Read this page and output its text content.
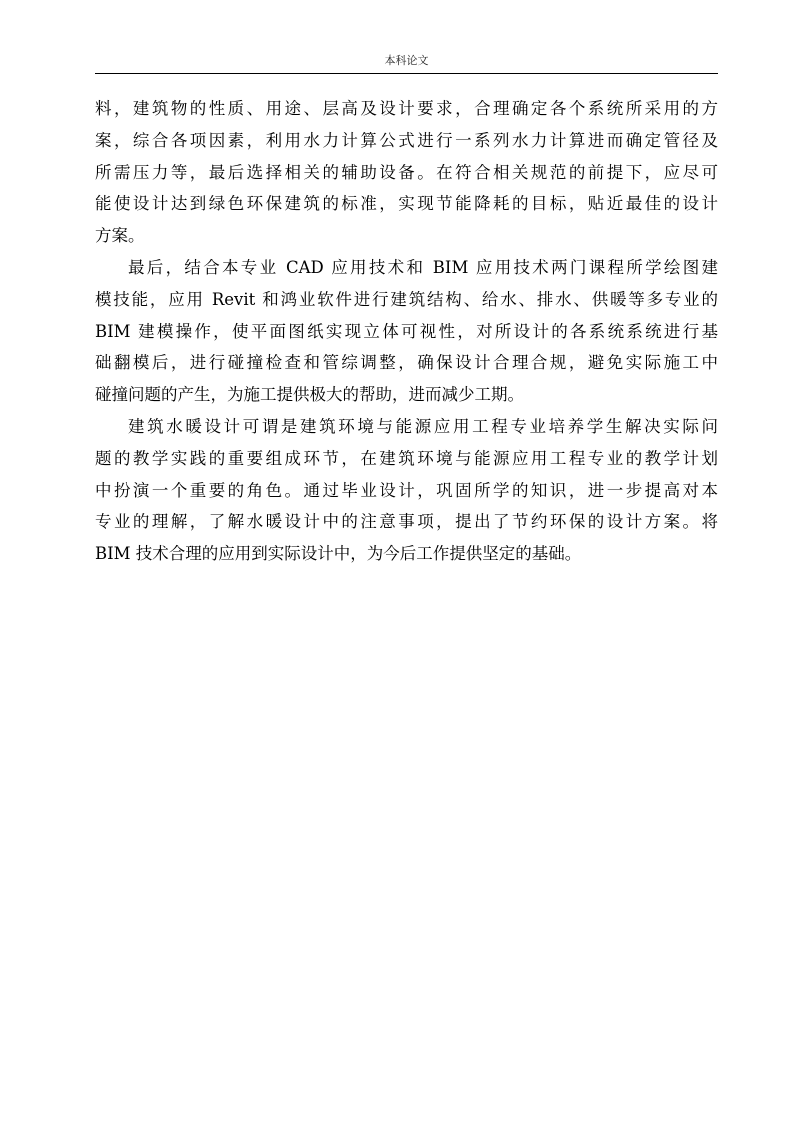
本科论文
料，建筑物的性质、用途、层高及设计要求，合理确定各个系统所采用的方
案，综合各项因素，利用水力计算公式进行一系列水力计算进而确定管径及
所需压力等，最后选择相关的辅助设备。在符合相关规范的前提下，应尽可
能使设计达到绿色环保建筑的标准，实现节能降耗的目标，贴近最佳的设计
方案。
最后，结合本专业 CAD 应用技术和 BIM 应用技术两门课程所学绘图建
模技能，应用 Revit 和鸿业软件进行建筑结构、给水、排水、供暖等多专业的
BIM 建模操作，使平面图纸实现立体可视性，对所设计的各系统系统进行基
础翻模后，进行碰撞检查和管综调整，确保设计合理合规，避免实际施工中
碰撞问题的产生，为施工提供极大的帮助，进而减少工期。
建筑水暖设计可谓是建筑环境与能源应用工程专业培养学生解决实际问
题的教学实践的重要组成环节，在建筑环境与能源应用工程专业的教学计划
中扮演一个重要的角色。通过毕业设计，巩固所学的知识，进一步提高对本
专业的理解，了解水暖设计中的注意事项，提出了节约环保的设计方案。将
BIM 技术合理的应用到实际设计中，为今后工作提供坚定的基础。
